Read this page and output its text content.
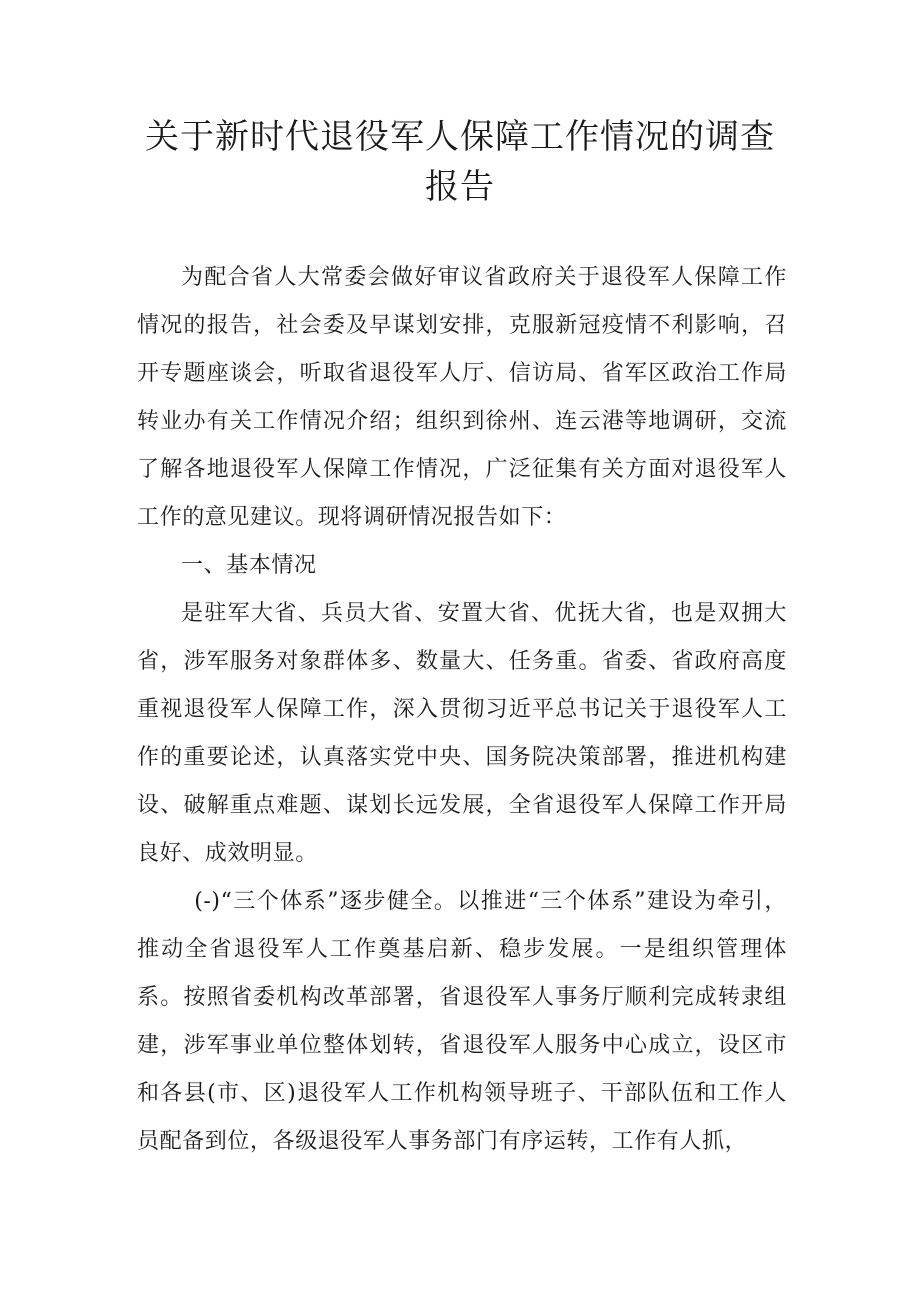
关于新时代退役军人保障工作情况的调查
报告

为配合省人大常委会做好审议省政府关于退役军人保障工作情况的报告，社会委及早谋划安排，克服新冠疫情不利影响，召开专题座谈会，听取省退役军人厅、信访局、省军区政治工作局转业办有关工作情况介绍；组织到徐州、连云港等地调研，交流了解各地退役军人保障工作情况，广泛征集有关方面对退役军人工作的意见建议。现将调研情况报告如下：

一、基本情况

是驻军大省、兵员大省、安置大省、优抚大省，也是双拥大省，涉军服务对象群体多、数量大、任务重。省委、省政府高度重视退役军人保障工作，深入贯彻习近平总书记关于退役军人工作的重要论述，认真落实党中央、国务院决策部署，推进机构建设、破解重点难题、谋划长远发展，全省退役军人保障工作开局良好、成效明显。

(-)“三个体系”逐步健全。以推进“三个体系”建设为牵引，推动全省退役军人工作奠基启新、稳步发展。一是组织管理体系。按照省委机构改革部署，省退役军人事务厅顺利完成转隶组建，涉军事业单位整体划转，省退役军人服务中心成立，设区市和各县(市、区)退役军人工作机构领导班子、干部队伍和工作人员配备到位，各级退役军人事务部门有序运转，工作有人抓，
